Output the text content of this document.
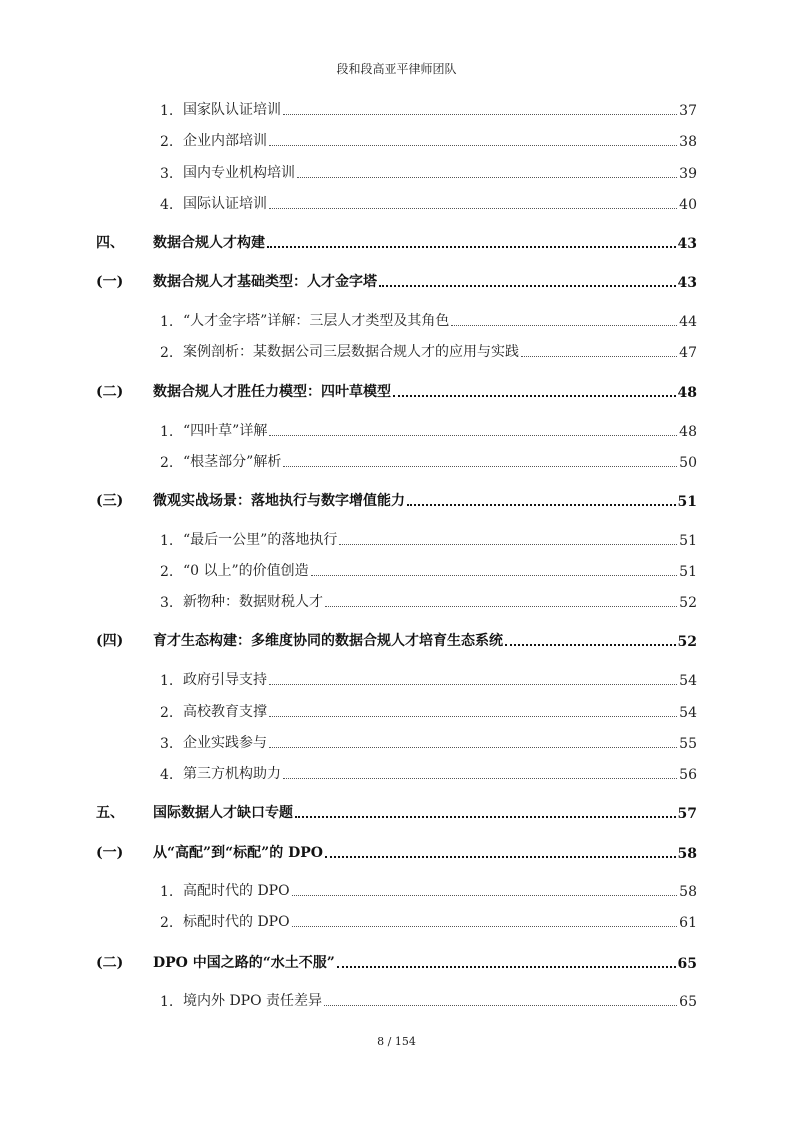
段和段高亚平律师团队
1. 国家队认证培训	37
2. 企业内部培训	38
3. 国内专业机构培训	39
4. 国际认证培训	40
四、	数据合规人才构建	43
(一)	数据合规人才基础类型：人才金字塔	43
1. “人才金字塔”详解：三层人才类型及其角色	44
2. 案例剖析：某数据公司三层数据合规人才的应用与实践	47
(二)	数据合规人才胜任力模型：四叶草模型	48
1. “四叶草”详解	48
2. “根茎部分”解析	50
(三)	微观实战场景：落地执行与数字增值能力	51
1. “最后一公里”的落地执行	51
2. “0 以上”的价值创造	51
3. 新物种：数据财税人才	52
(四)	育才生态构建：多维度协同的数据合规人才培育生态系统	52
1. 政府引导支持	54
2. 高校教育支撑	54
3. 企业实践参与	55
4. 第三方机构助力	56
五、	国际数据人才缺口专题	57
(一)	从“高配”到“标配”的 DPO	58
1. 高配时代的 DPO	58
2. 标配时代的 DPO	61
(二)	DPO 中国之路的“水土不服”	65
1. 境内外 DPO 责任差异	65
8 / 154
